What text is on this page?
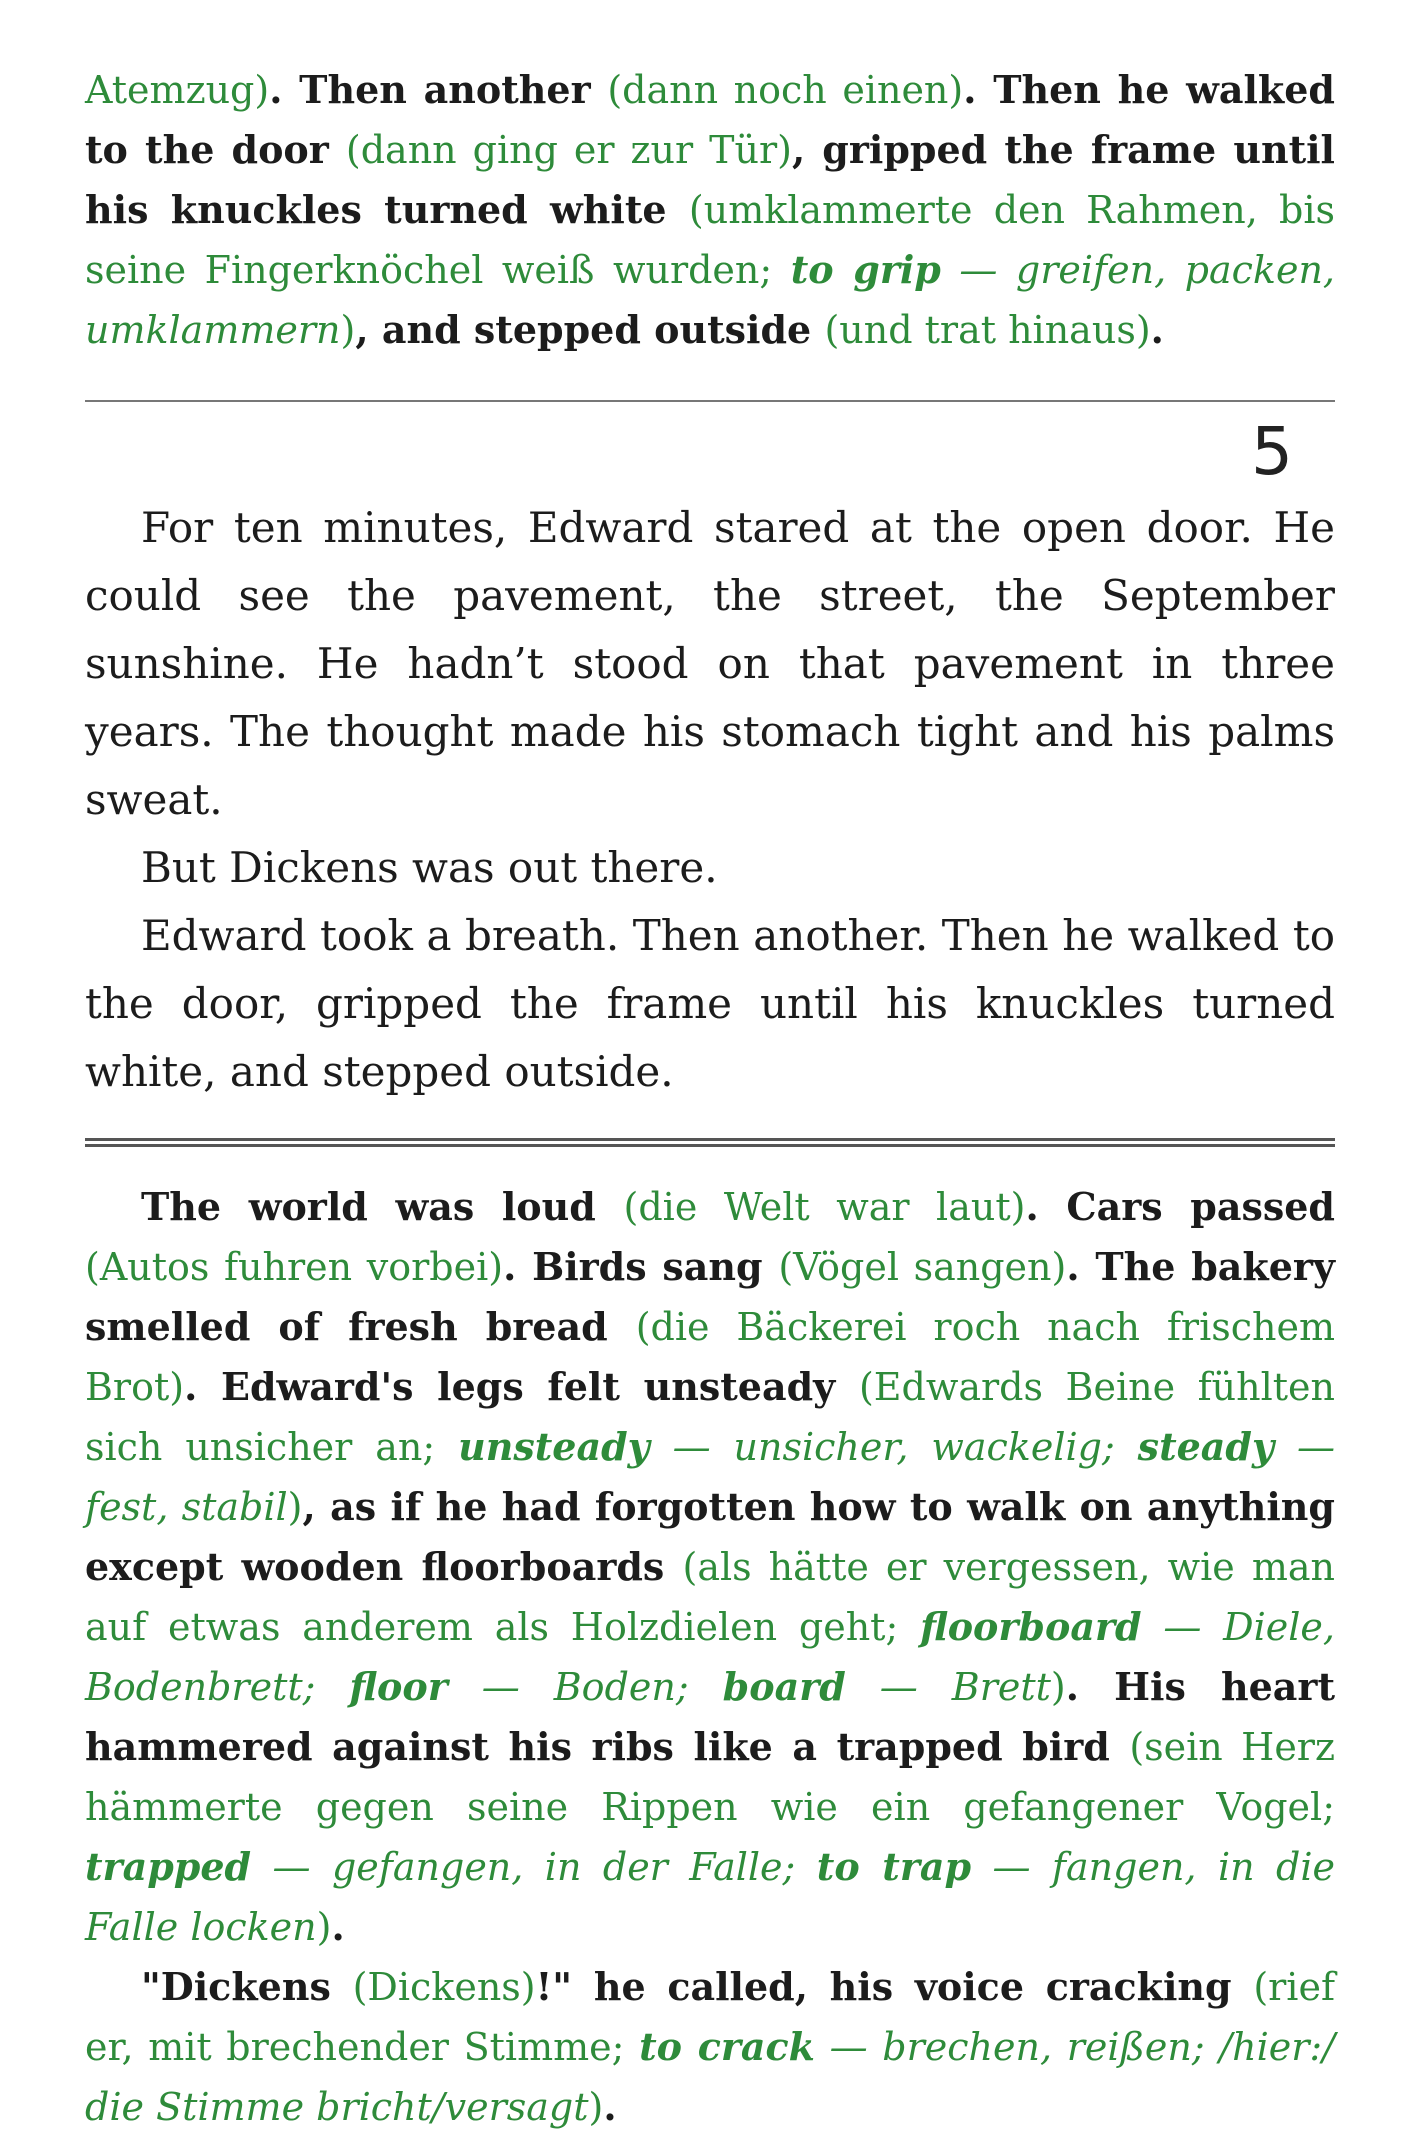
Atemzug). Then another (dann noch einen). Then he walked to the door (dann ging er zur Tür), gripped the frame until his knuckles turned white (umklammerte den Rahmen, bis seine Fingerknöchel weiß wurden; to grip — greifen, packen, umklammern), and stepped outside (und trat hinaus).

5

For ten minutes, Edward stared at the open door. He could see the pavement, the street, the September sunshine. He hadn’t stood on that pavement in three years. The thought made his stomach tight and his palms sweat.

But Dickens was out there.

Edward took a breath. Then another. Then he walked to the door, gripped the frame until his knuckles turned white, and stepped outside.

The world was loud (die Welt war laut). Cars passed (Autos fuhren vorbei). Birds sang (Vögel sangen). The bakery smelled of fresh bread (die Bäckerei roch nach frischem Brot). Edward's legs felt unsteady (Edwards Beine fühlten sich unsicher an; unsteady — unsicher, wackelig; steady — fest, stabil), as if he had forgotten how to walk on anything except wooden floorboards (als hätte er vergessen, wie man auf etwas anderem als Holzdielen geht; floorboard — Diele, Bodenbrett; floor — Boden; board — Brett). His heart hammered against his ribs like a trapped bird (sein Herz hämmerte gegen seine Rippen wie ein gefangener Vogel; trapped — gefangen, in der Falle; to trap — fangen, in die Falle locken).

"Dickens (Dickens)!" he called, his voice cracking (rief er, mit brechender Stimme; to crack — brechen, reißen; /hier:/ die Stimme bricht/versagt).
